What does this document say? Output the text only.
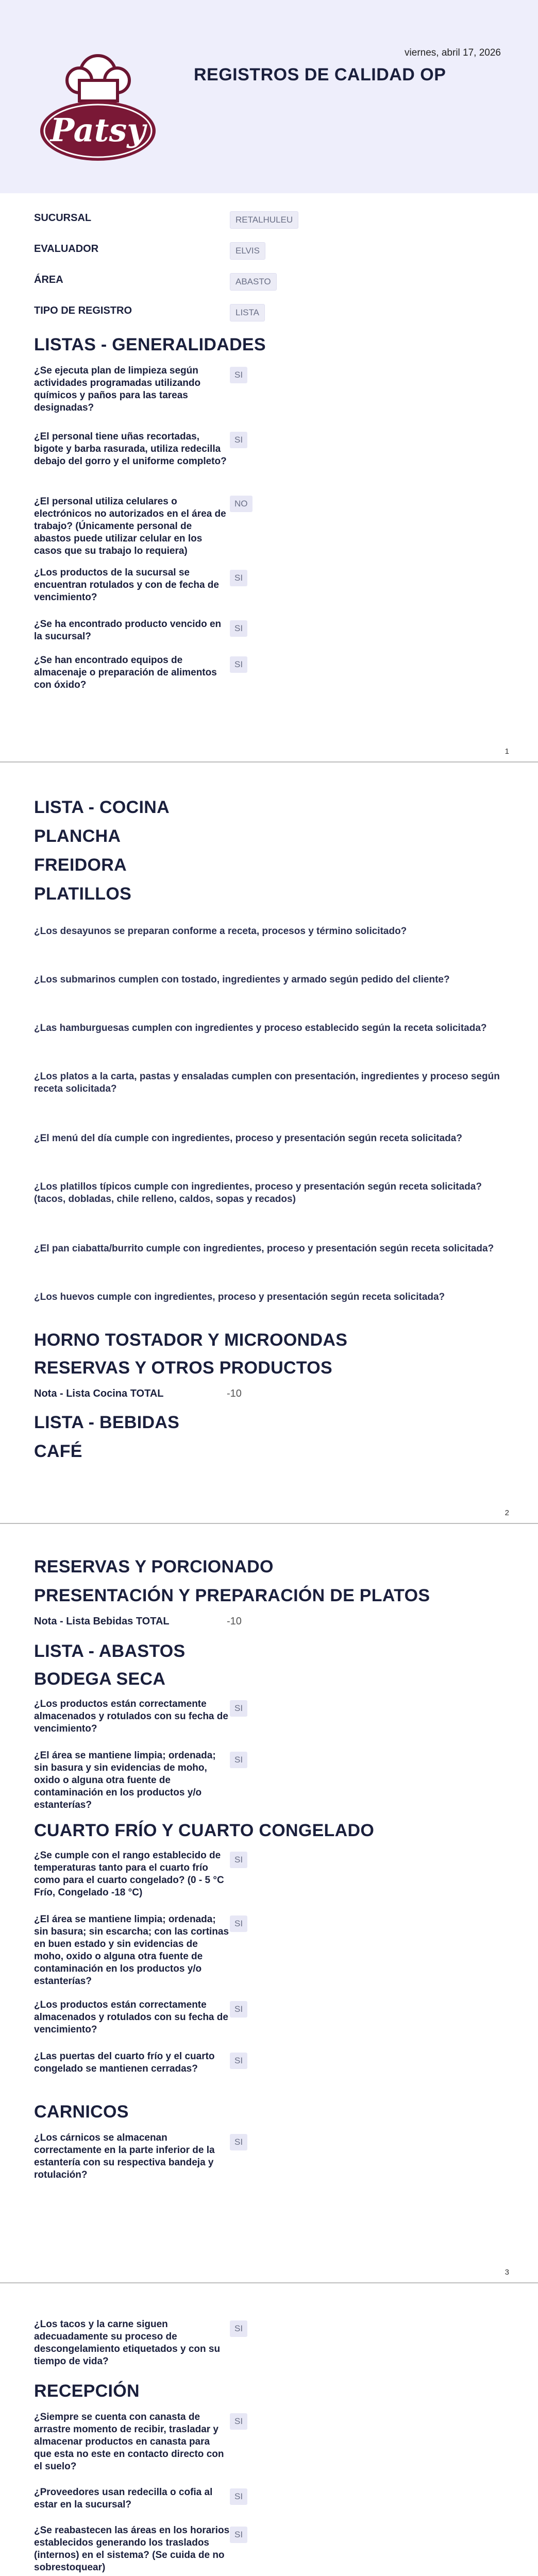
Patsy
viernes, abril 17, 2026
REGISTROS DE CALIDAD OP
SUCURSAL	RETALHULEU
EVALUADOR	ELVIS
ÁREA	ABASTO
TIPO DE REGISTRO	LISTA
LISTAS - GENERALIDADES
¿Se ejecuta plan de limpieza según actividades programadas utilizando químicos y paños para las tareas designadas?
SI
¿El personal tiene uñas recortadas, bigote y barba rasurada, utiliza redecilla debajo del gorro y el uniforme completo?
SI
¿El personal utiliza celulares o electrónicos no autorizados en el área de trabajo? (Únicamente personal de abastos puede utilizar celular en los casos que su trabajo lo requiera)
NO
¿Los productos de la sucursal se encuentran rotulados y con de fecha de vencimiento?
SI
¿Se ha encontrado producto vencido en la sucursal?
SI
¿Se han encontrado equipos de almacenaje o preparación de alimentos con óxido?
SI
1
LISTA - COCINA
PLANCHA
FREIDORA
PLATILLOS
¿Los desayunos se preparan conforme a receta, procesos y término solicitado?
¿Los submarinos cumplen con tostado, ingredientes y armado según pedido del cliente?
¿Las hamburguesas cumplen con ingredientes y proceso establecido según la receta solicitada?
¿Los platos a la carta, pastas y ensaladas cumplen con presentación, ingredientes y proceso según receta solicitada?
¿El menú del día cumple con ingredientes, proceso y presentación según receta solicitada?
¿Los platillos típicos cumple con ingredientes, proceso y presentación según receta solicitada? (tacos, dobladas, chile relleno, caldos, sopas y recados)
¿El pan ciabatta/burrito cumple con ingredientes, proceso y presentación según receta solicitada?
¿Los huevos cumple con ingredientes, proceso y presentación según receta solicitada?
HORNO TOSTADOR Y MICROONDAS
RESERVAS Y OTROS PRODUCTOS
Nota - Lista Cocina TOTAL	-10
LISTA - BEBIDAS
CAFÉ
2
RESERVAS Y PORCIONADO
PRESENTACIÓN Y PREPARACIÓN DE PLATOS
Nota - Lista Bebidas TOTAL	-10
LISTA - ABASTOS
BODEGA SECA
¿Los productos están correctamente almacenados y rotulados con su fecha de vencimiento?
SI
¿El área se mantiene limpia; ordenada; sin basura y sin evidencias de moho, oxido o alguna otra fuente de contaminación en los productos y/o estanterías?
SI
CUARTO FRÍO Y CUARTO CONGELADO
¿Se cumple con el rango establecido de temperaturas tanto para el cuarto frío como para el cuarto congelado? (0 - 5 °C Frío, Congelado -18 °C)
SI
¿El área se mantiene limpia; ordenada; sin basura; sin escarcha; con las cortinas en buen estado y sin evidencias de moho, oxido o alguna otra fuente de contaminación en los productos y/o estanterías?
SI
¿Los productos están correctamente almacenados y rotulados con su fecha de vencimiento?
SI
¿Las puertas del cuarto frío y el cuarto congelado se mantienen cerradas?
SI
CARNICOS
¿Los cárnicos se almacenan correctamente en la parte inferior de la estantería con su respectiva bandeja y rotulación?
SI
3
¿Los tacos y la carne siguen adecuadamente su proceso de descongelamiento etiquetados y con su tiempo de vida?
SI
RECEPCIÓN
¿Siempre se cuenta con canasta de arrastre momento de recibir, trasladar y almacenar productos en canasta para que esta no este en contacto directo con el suelo?
SI
¿Proveedores usan redecilla o cofia al estar en la sucursal?
SI
¿Se reabastecen las áreas en los horarios establecidos generando los traslados (internos) en el sistema? (Se cuida de no sobrestoquear)
SI
